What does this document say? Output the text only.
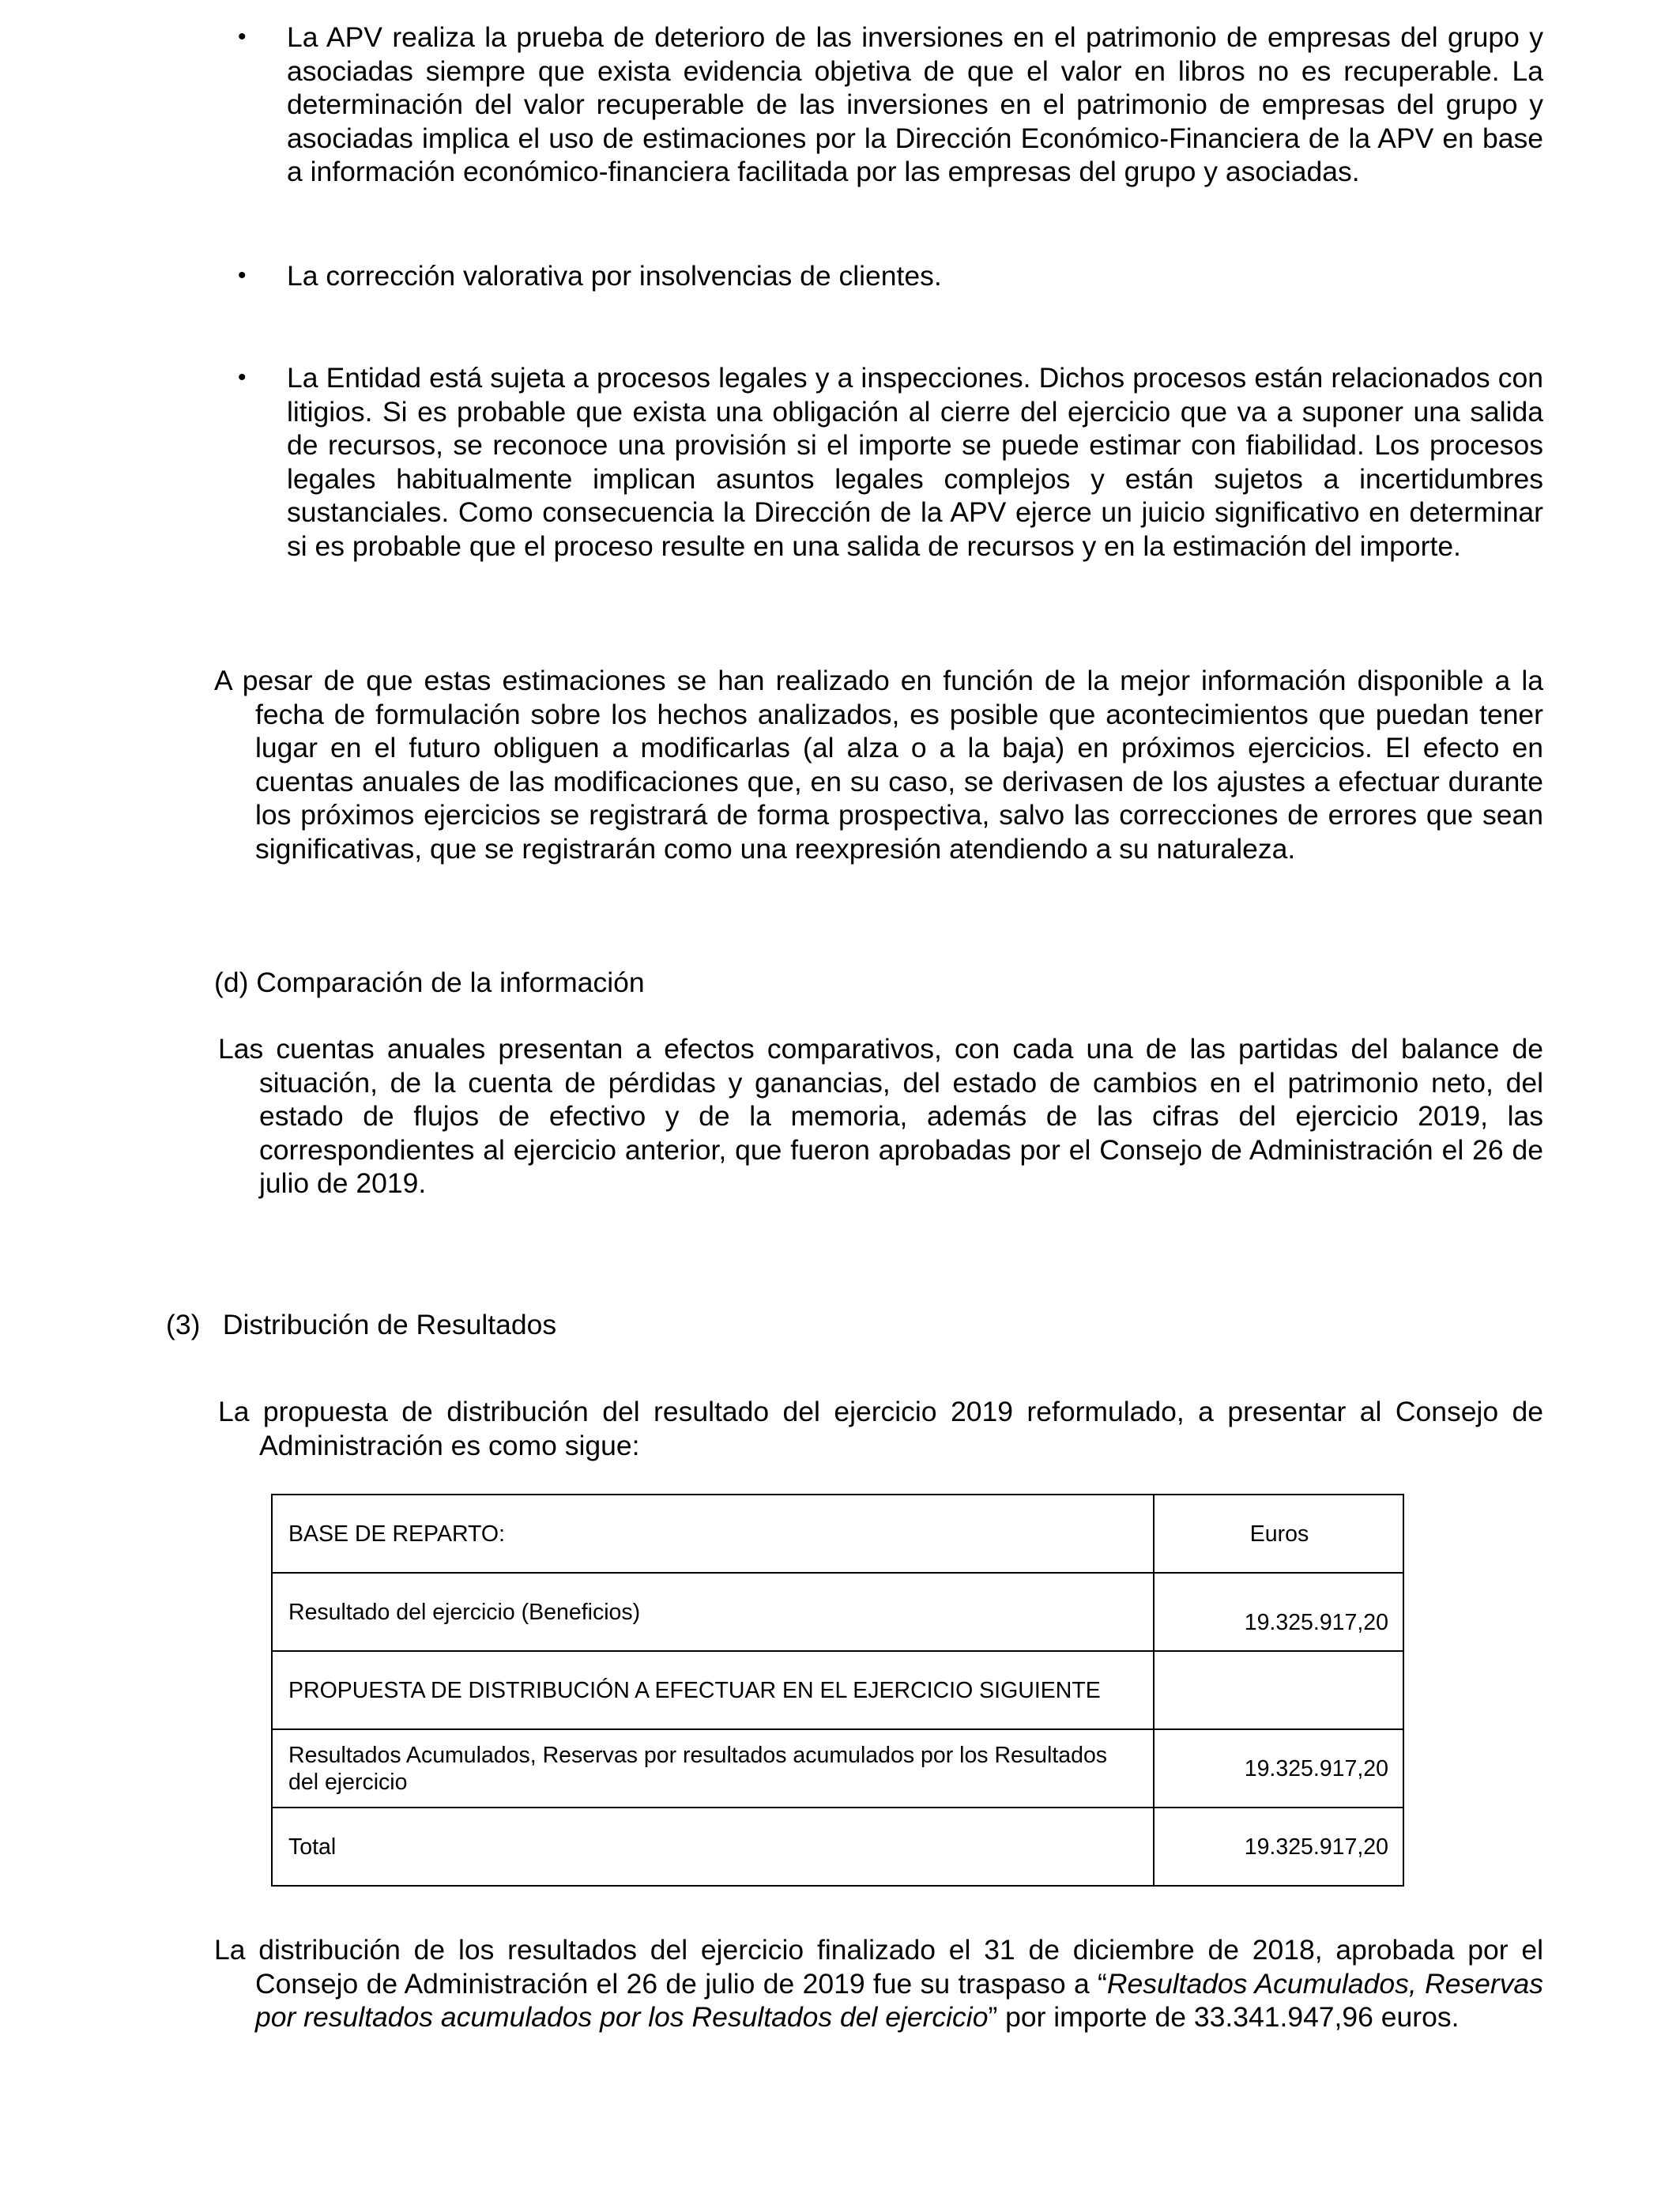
• La APV realiza la prueba de deterioro de las inversiones en el patrimonio de empresas del grupo y asociadas siempre que exista evidencia objetiva de que el valor en libros no es recuperable. La determinación del valor recuperable de las inversiones en el patrimonio de empresas del grupo y asociadas implica el uso de estimaciones por la Dirección Económico-Financiera de la APV en base a información económico-financiera facilitada por las empresas del grupo y asociadas.
• La corrección valorativa por insolvencias de clientes.
• La Entidad está sujeta a procesos legales y a inspecciones. Dichos procesos están relacionados con litigios. Si es probable que exista una obligación al cierre del ejercicio que va a suponer una salida de recursos, se reconoce una provisión si el importe se puede estimar con fiabilidad. Los procesos legales habitualmente implican asuntos legales complejos y están sujetos a incertidumbres sustanciales. Como consecuencia la Dirección de la APV ejerce un juicio significativo en determinar si es probable que el proceso resulte en una salida de recursos y en la estimación del importe.
A pesar de que estas estimaciones se han realizado en función de la mejor información disponible a la fecha de formulación sobre los hechos analizados, es posible que acontecimientos que puedan tener lugar en el futuro obliguen a modificarlas (al alza o a la baja) en próximos ejercicios. El efecto en cuentas anuales de las modificaciones que, en su caso, se derivasen de los ajustes a efectuar durante los próximos ejercicios se registrará de forma prospectiva, salvo las correcciones de errores que sean significativas, que se registrarán como una reexpresión atendiendo a su naturaleza.
(d) Comparación de la información
Las cuentas anuales presentan a efectos comparativos, con cada una de las partidas del balance de situación, de la cuenta de pérdidas y ganancias, del estado de cambios en el patrimonio neto, del estado de flujos de efectivo y de la memoria, además de las cifras del ejercicio 2019, las correspondientes al ejercicio anterior, que fueron aprobadas por el Consejo de Administración el 26 de julio de 2019.
(3) Distribución de Resultados
La propuesta de distribución del resultado del ejercicio 2019 reformulado, a presentar al Consejo de Administración es como sigue:
BASE DE REPARTO:	Euros
Resultado del ejercicio (Beneficios)	19.325.917,20
PROPUESTA DE DISTRIBUCIÓN A EFECTUAR EN EL EJERCICIO SIGUIENTE	
Resultados Acumulados, Reservas por resultados acumulados por los Resultados del ejercicio	19.325.917,20
Total	19.325.917,20
La distribución de los resultados del ejercicio finalizado el 31 de diciembre de 2018, aprobada por el Consejo de Administración el 26 de julio de 2019 fue su traspaso a “Resultados Acumulados, Reservas por resultados acumulados por los Resultados del ejercicio” por importe de 33.341.947,96 euros.
